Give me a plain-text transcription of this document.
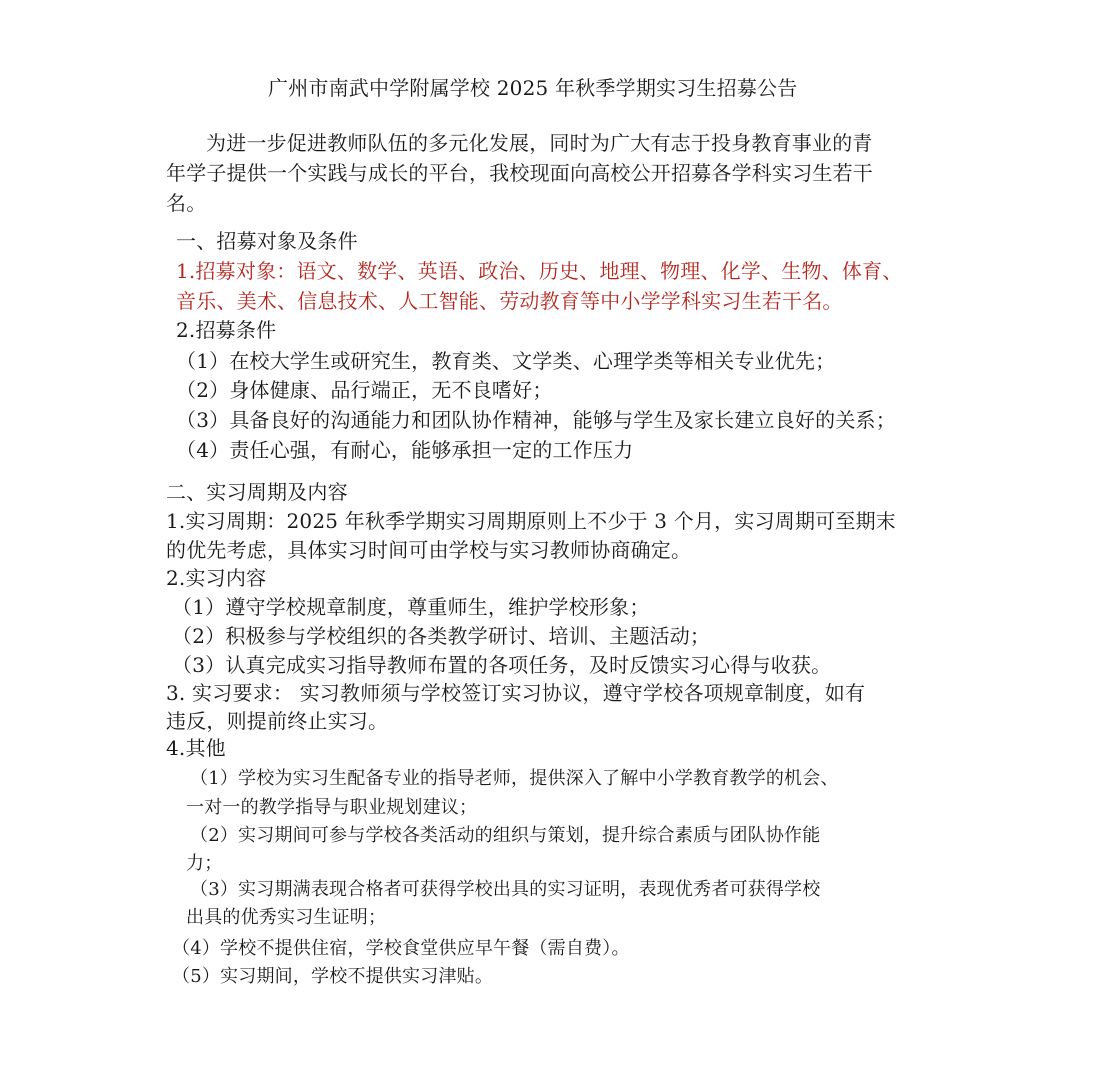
广州市南武中学附属学校 2025 年秋季学期实习生招募公告
为进一步促进教师队伍的多元化发展，同时为广大有志于投身教育事业的青
年学子提供一个实践与成长的平台，我校现面向高校公开招募各学科实习生若干
名。
一、招募对象及条件
1.招募对象：语文、数学、英语、政治、历史、地理、物理、化学、生物、体育、
音乐、美术、信息技术、人工智能、劳动教育等中小学学科实习生若干名。
2.招募条件
（1）在校大学生或研究生，教育类、文学类、心理学类等相关专业优先；
（2）身体健康、品行端正，无不良嗜好；
（3）具备良好的沟通能力和团队协作精神，能够与学生及家长建立良好的关系；
（4）责任心强，有耐心，能够承担一定的工作压力
二、实习周期及内容
1.实习周期：2025 年秋季学期实习周期原则上不少于 3 个月，实习周期可至期末
的优先考虑，具体实习时间可由学校与实习教师协商确定。
2.实习内容
（1）遵守学校规章制度，尊重师生，维护学校形象；
（2）积极参与学校组织的各类教学研讨、培训、主题活动；
（3）认真完成实习指导教师布置的各项任务，及时反馈实习心得与收获。
3. 实习要求： 实习教师须与学校签订实习协议，遵守学校各项规章制度，如有
违反，则提前终止实习。
4.其他
（1）学校为实习生配备专业的指导老师，提供深入了解中小学教育教学的机会、
一对一的教学指导与职业规划建议；
（2）实习期间可参与学校各类活动的组织与策划，提升综合素质与团队协作能
力；
（3）实习期满表现合格者可获得学校出具的实习证明，表现优秀者可获得学校
出具的优秀实习生证明；
（4）学校不提供住宿，学校食堂供应早午餐（需自费）。
（5）实习期间，学校不提供实习津贴。
